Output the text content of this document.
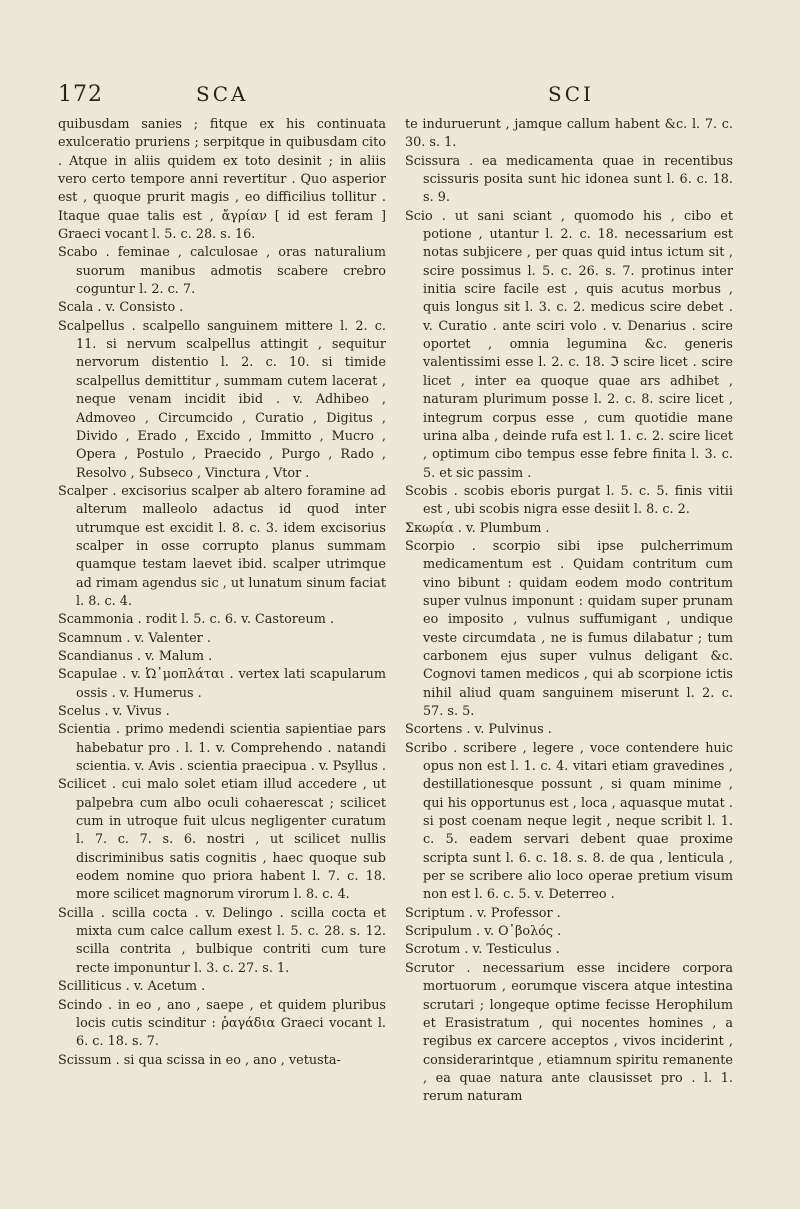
172	SCA	SCI

quibusdam sanies ; fitque ex his continuata exulceratio pruriens ; serpitque in quibusdam cito . Atque in aliis quidem ex toto desinit ; in aliis vero certo tempore anni revertitur . Quo asperior est , quoque prurit magis , eo difficilius tollitur . Itaque quae talis est , ἄγρίαν [ id est feram ] Graeci vocant l. 5. c. 28. s. 16.

Scabo . feminae , calculosae , oras naturalium suorum manibus admotis scabere crebro coguntur l. 2. c. 7.

Scala . v. Consisto .

Scalpellus . scalpello sanguinem mittere l. 2. c. 11. si nervum scalpellus attingit , sequitur nervorum distentio l. 2. c. 10. si timide scalpellus demittitur , summam cutem lacerat , neque venam incidit ibid . v. Adhibeo , Admoveo , Circumcido , Curatio , Digitus , Divido , Erado , Excido , Immitto , Mucro , Opera , Postulo , Praecido , Purgo , Rado , Resolvo , Subseco , Vinctura , Vtor .

Scalper . excisorius scalper ab altero foramine ad alterum malleolo adactus id quod inter utrumque est excidit l. 8. c. 3. idem excisorius scalper in osse corrupto planus summam quamque testam laevet ibid. scalper utrimque ad rimam agendus sic , ut lunatum sinum faciat l. 8. c. 4.

Scammonia . rodit l. 5. c. 6. v. Castoreum .

Scamnum . v. Valenter .

Scandianus . v. Malum .

Scapulae . v. Ὠ᾽μοπλάται . vertex lati scapularum ossis . v. Humerus .

Scelus . v. Vivus .

Scientia . primo medendi scientia sapientiae pars habebatur pro . l. 1. v. Comprehendo . natandi scientia. v. Avis . scientia praecipua . v. Psyllus .

Scilicet . cui malo solet etiam illud accedere , ut palpebra cum albo oculi cohaerescat ; scilicet cum in utroque fuit ulcus negligenter curatum l. 7. c. 7. s. 6. nostri , ut scilicet nullis discriminibus satis cognitis , haec quoque sub eodem nomine quo priora habent l. 7. c. 18. more scilicet magnorum virorum l. 8. c. 4.

Scilla . scilla cocta . v. Delingo . scilla cocta et mixta cum calce callum exest l. 5. c. 28. s. 12. scilla contrita , bulbique contriti cum ture recte imponuntur l. 3. c. 27. s. 1.

Scilliticus . v. Acetum .

Scindo . in eo , ano , saepe , et quidem pluribus locis cutis scinditur : ῥαγάδια Graeci vocant l. 6. c. 18. s. 7.

Scissum . si qua scissa in eo , ano , vetusta-

te induruerunt , jamque callum habent &c. l. 7. c. 30. s. 1.

Scissura . ea medicamenta quae in recentibus scissuris posita sunt hic idonea sunt l. 6. c. 18. s. 9.

Scio . ut sani sciant , quomodo his , cibo et potione , utantur l. 2. c. 18. necessarium est notas subjicere , per quas quid intus ictum sit , scire possimus l. 5. c. 26. s. 7. protinus inter initia scire facile est , quis acutus morbus , quis longus sit l. 3. c. 2. medicus scire debet . v. Curatio . ante sciri volo . v. Denarius . scire oportet , omnia legumina &c. generis valentissimi esse l. 2. c. 18. ℑ scire licet . scire licet , inter ea quoque quae ars adhibet , naturam plurimum posse l. 2. c. 8. scire licet , integrum corpus esse , cum quotidie mane urina alba , deinde rufa est l. 1. c. 2. scire licet , optimum cibo tempus esse febre finita l. 3. c. 5. et sic passim .

Scobis . scobis eboris purgat l. 5. c. 5. finis vitii est , ubi scobis nigra esse desiit l. 8. c. 2.

Σκωρία . v. Plumbum .

Scorpio . scorpio sibi ipse pulcherrimum medicamentum est . Quidam contritum cum vino bibunt : quidam eodem modo contritum super vulnus imponunt : quidam super prunam eo imposito , vulnus suffumigant , undique veste circumdata , ne is fumus dilabatur ; tum carbonem ejus super vulnus deligant &c. Cognovi tamen medicos , qui ab scorpione ictis nihil aliud quam sanguinem miserunt l. 2. c. 57. s. 5.

Scortens . v. Pulvinus .

Scribo . scribere , legere , voce contendere huic opus non est l. 1. c. 4. vitari etiam gravedines , destillationesque possunt , si quam minime , qui his opportunus est , loca , aquasque mutat . si post coenam neque legit , neque scribit l. 1. c. 5. eadem servari debent quae proxime scripta sunt l. 6. c. 18. s. 8. de qua , lenticula , per se scribere alio loco operae pretium visum non est l. 6. c. 5. v. Deterreo .

Scriptum . v. Professor .

Scripulum . v. Ο᾽βολός .

Scrotum . v. Testiculus .

Scrutor . necessarium esse incidere corpora mortuorum , eorumque viscera atque intestina scrutari ; longeque optime fecisse Herophilum et Erasistratum , qui nocentes homines , a regibus ex carcere acceptos , vivos inciderint , considerarintque , etiamnum spiritu remanente , ea quae natura ante clausisset pro . l. 1. rerum naturam
